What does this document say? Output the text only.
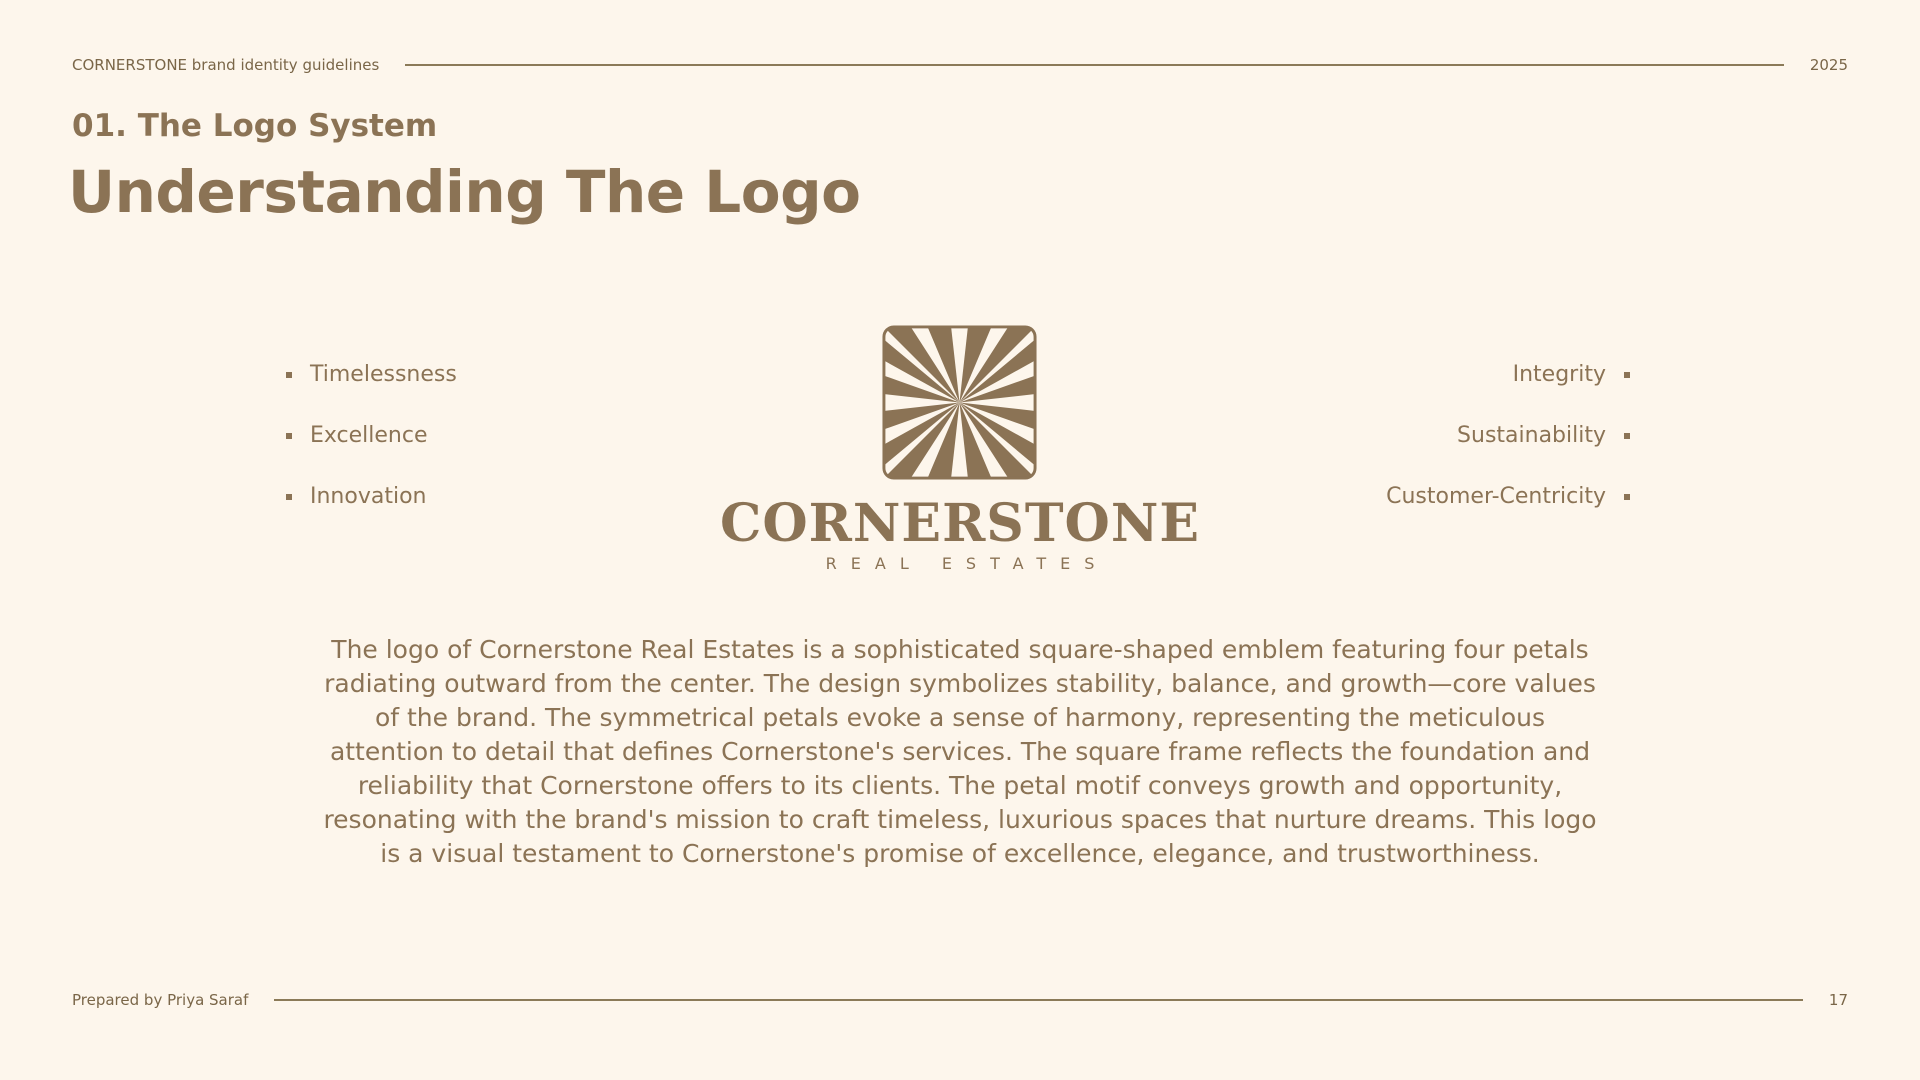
CORNERSTONE brand identity guidelines	2025
01. The Logo System
Understanding The Logo
Timelessness
Excellence
Innovation
Integrity
Sustainability
Customer-Centricity
CORNERSTONE
REAL ESTATES

The logo of Cornerstone Real Estates is a sophisticated square-shaped emblem featuring four petals radiating outward from the center. The design symbolizes stability, balance, and growth—core values of the brand. The symmetrical petals evoke a sense of harmony, representing the meticulous attention to detail that defines Cornerstone's services. The square frame reflects the foundation and reliability that Cornerstone offers to its clients. The petal motif conveys growth and opportunity, resonating with the brand's mission to craft timeless, luxurious spaces that nurture dreams. This logo is a visual testament to Cornerstone's promise of excellence, elegance, and trustworthiness.

Prepared by Priya Saraf	17
